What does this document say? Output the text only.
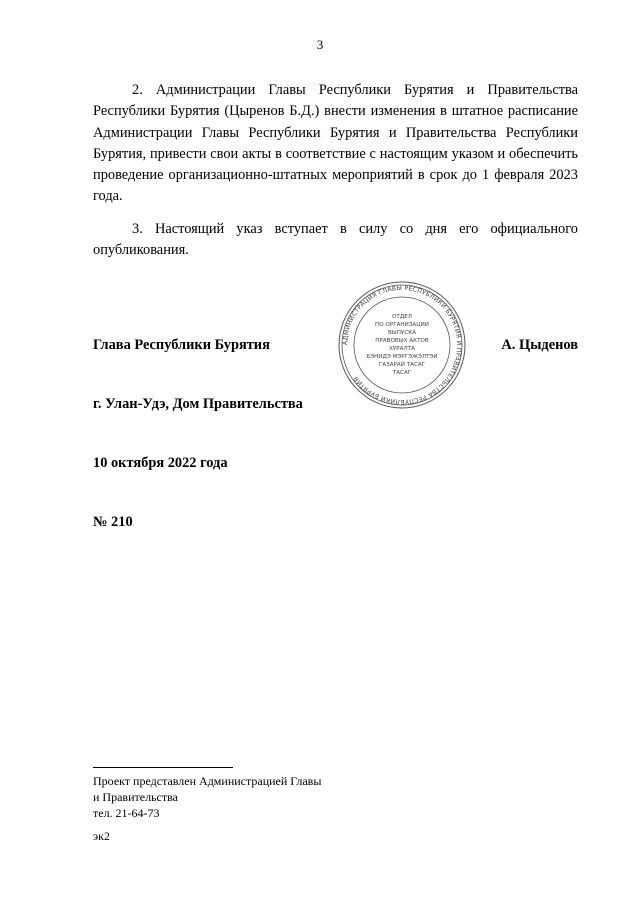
3

2. Администрации Главы Республики Бурятия и Правительства Республики Бурятия (Цыренов Б.Д.) внести изменения в штатное расписание Администрации Главы Республики Бурятия и Правительства Республики Бурятия, привести свои акты в соответствие с настоящим указом и обеспечить проведение организационно-штатных мероприятий в срок до 1 февраля 2023 года.

3. Настоящий указ вступает в силу со дня его официального опубликования.

Глава Республики Бурятия	АДМИНИСТРАЦИЯ ГЛАВЫ РЕСПУБЛИКИ БУРЯТИЯ И ПРАВИТЕЛЬСТВА РЕСПУБЛИКИ БУРЯТИЯ
ОТДЕЛ
ПО ОРГАНИЗАЦИИ
ВЫПУСКА
ПРАВОВЫХ АКТОВ
ХУРАЛТА
БЭНИДЭ МЭРГЭЖЭЛТЭЙ
ГАЗАРАЙ ТАСАГ
ТАСАГ
А. Цыденов
г. Улан-Удэ, Дом Правительства
10 октября 2022 года
№ 210
Проект представлен Администрацией Главы
и Правительства
тел. 21-64-73
эк2
